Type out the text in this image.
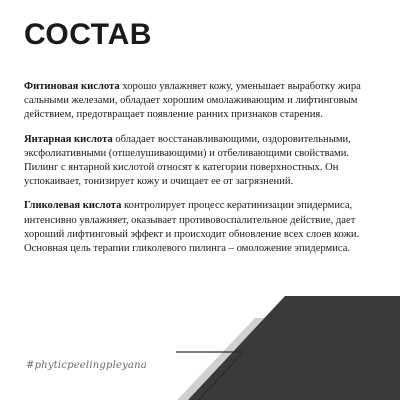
СОСТАВ

Фитиновая кислота хорошо увлажняет кожу, уменьшает выработку жира сальными железами, обладает хорошим омолаживающим и лифтинговым действием, предотвращает появление ранних признаков старения.

Янтарная кислота обладает восстанавливающими, оздоровительными, эксфолиативными (отшелушивающими) и отбеливающими свойствами. Пилинг с янтарной кислотой относят к категории поверхностных. Он успокаивает, тонизирует кожу и очищает ее от загрязнений.

Гликолевая кислота контролирует процесс кератинизации эпидермиса, интенсивно увлажняет, оказывает противовоспалительное действие, дает хороший лифтинговый эффект и происходит обновление всех слоев кожи. Основная цель терапии гликолевого пилинга – омоложение эпидермиса.

#phyticpeelingpleyana
